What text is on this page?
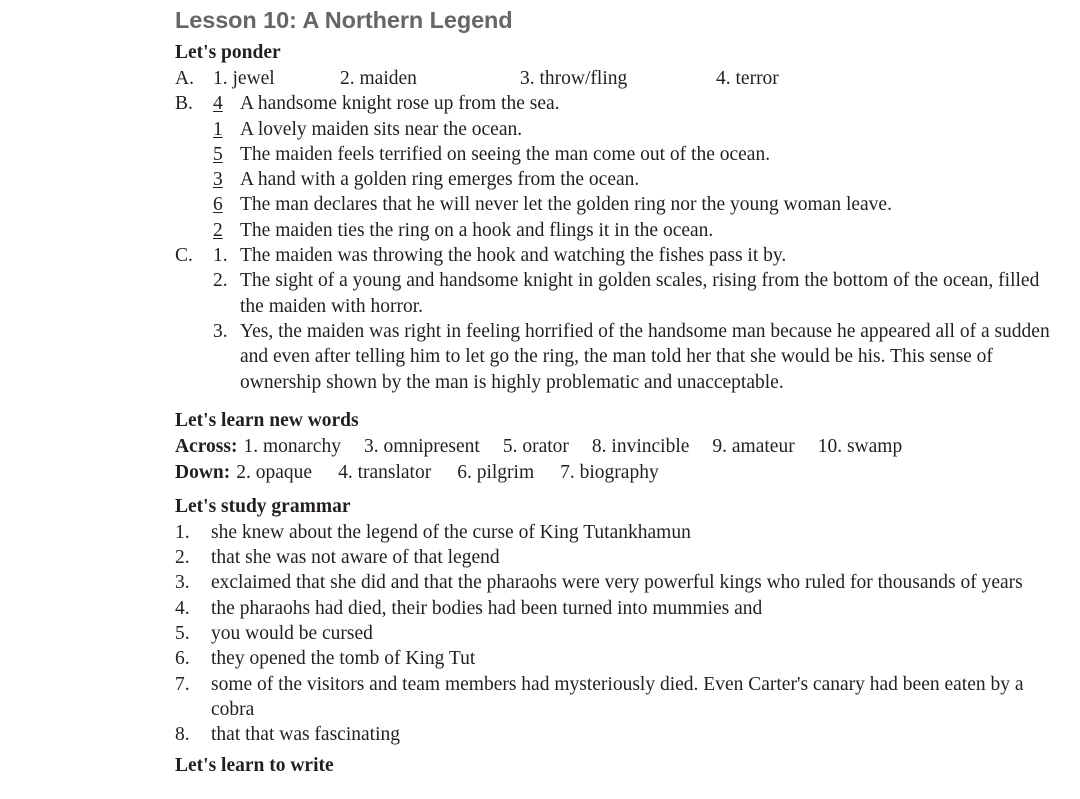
Lesson 10: A Northern Legend
Let's ponder
A. 1. jewel	2. maiden	3. throw/fling	4. terror
B.	4 A handsome knight rose up from the sea.
1 A lovely maiden sits near the ocean.
5 The maiden feels terrified on seeing the man come out of the ocean.
3 A hand with a golden ring emerges from the ocean.
6 The man declares that he will never let the golden ring nor the young woman leave.
2 The maiden ties the ring on a hook and flings it in the ocean.
C.	1. The maiden was throwing the hook and watching the fishes pass it by.
2. The sight of a young and handsome knight in golden scales, rising from the bottom of the ocean, filled the maiden with horror.
3. Yes, the maiden was right in feeling horrified of the handsome man because he appeared all of a sudden and even after telling him to let go the ring, the man told her that she would be his. This sense of ownership shown by the man is highly problematic and unacceptable.
Let's learn new words
Across: 1. monarchy 3. omnipresent 5. orator 8. invincible 9. amateur 10. swamp
Down: 2. opaque 4. translator 6. pilgrim 7. biography
Let's study grammar
1.	she knew about the legend of the curse of King Tutankhamun
2.	that she was not aware of that legend
3.	exclaimed that she did and that the pharaohs were very powerful kings who ruled for thousands of years
4.	the pharaohs had died, their bodies had been turned into mummies and
5.	you would be cursed
6.	they opened the tomb of King Tut
7.	some of the visitors and team members had mysteriously died. Even Carter's canary had been eaten by a cobra
8.	that that was fascinating
Let's learn to write
